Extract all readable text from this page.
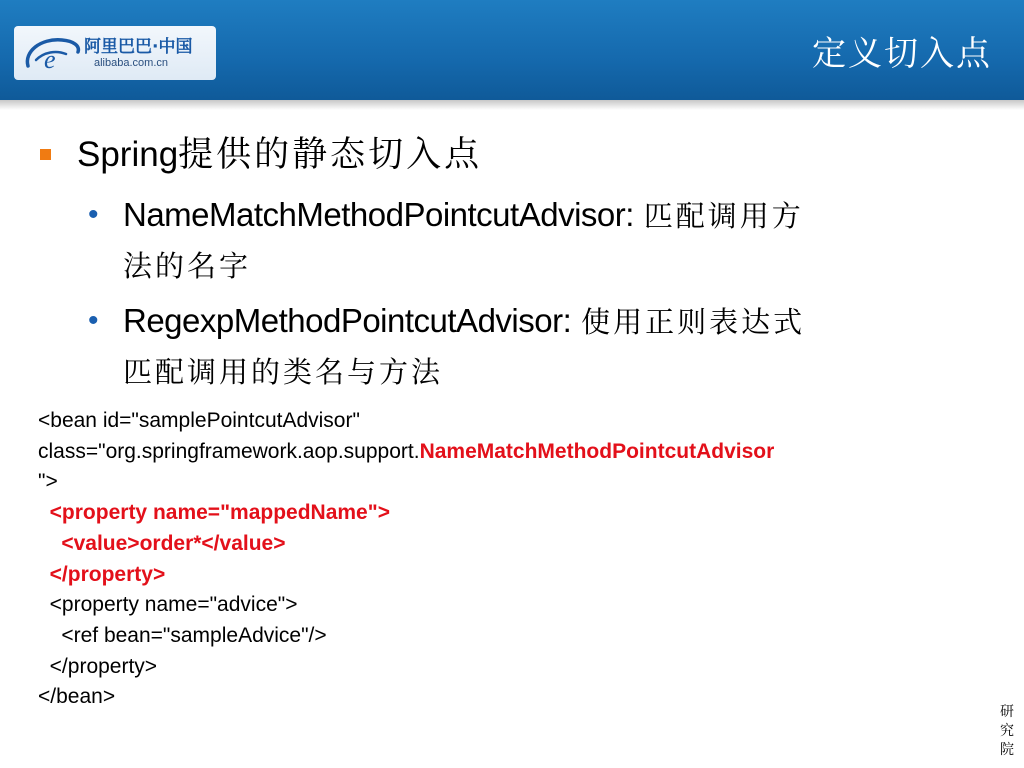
e 阿里巴巴·中国
alibaba.com.cn	定义切入点
Spring提供的静态切入点
• NameMatchMethodPointcutAdvisor: 匹配调用方
法的名字
• RegexpMethodPointcutAdvisor: 使用正则表达式
匹配调用的类名与方法
<bean id="samplePointcutAdvisor"
class="org.springframework.aop.support.NameMatchMethodPointcutAdvisor
">
<property name="mappedName">
<value>order*</value>
</property>
<property name="advice">
<ref bean="sampleAdvice"/>
</property>
</bean>
研
究
院
